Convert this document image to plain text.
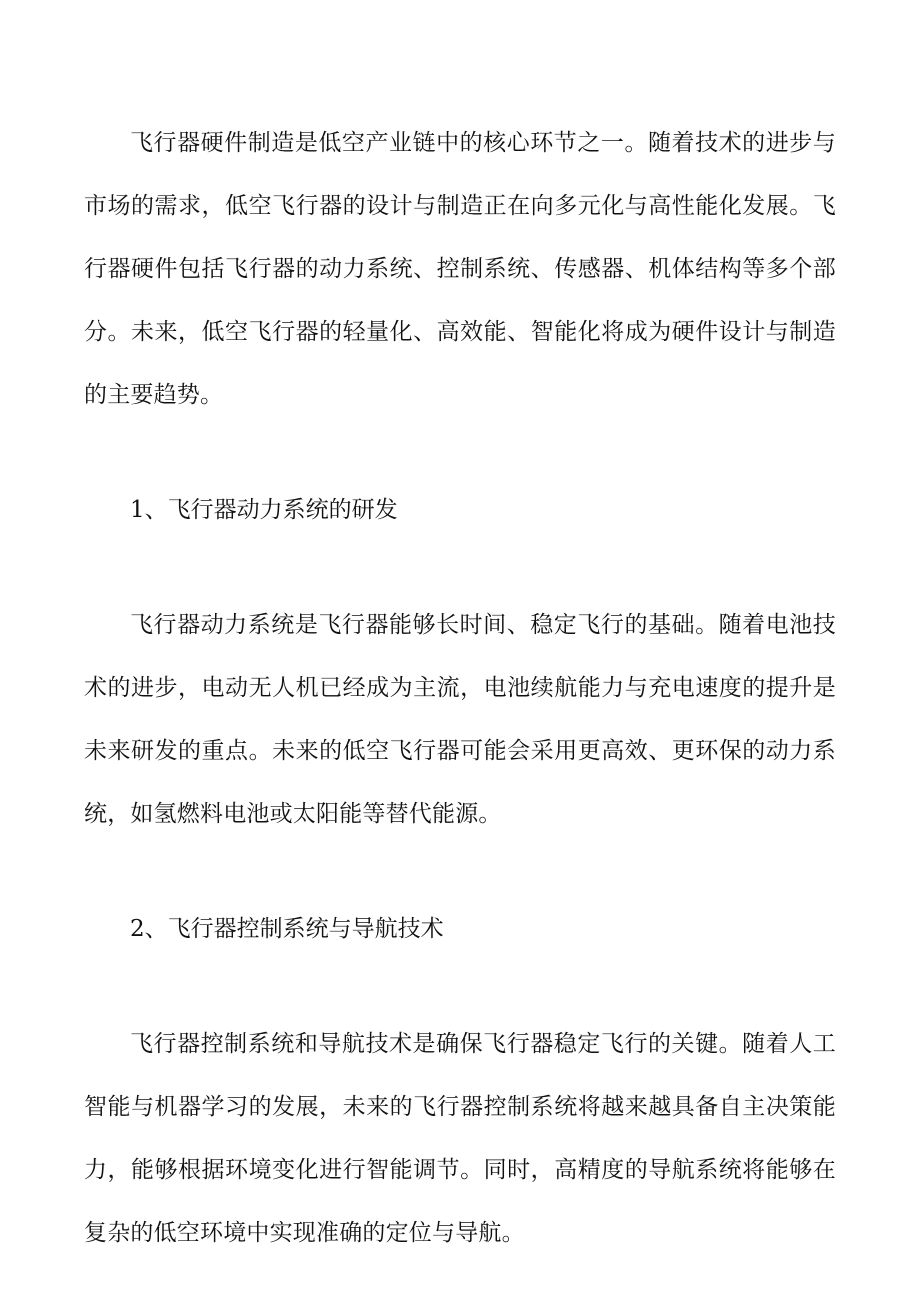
飞行器硬件制造是低空产业链中的核心环节之一。随着技术的进步与市场的需求，低空飞行器的设计与制造正在向多元化与高性能化发展。飞行器硬件包括飞行器的动力系统、控制系统、传感器、机体结构等多个部分。未来，低空飞行器的轻量化、高效能、智能化将成为硬件设计与制造的主要趋势。

1、飞行器动力系统的研发

飞行器动力系统是飞行器能够长时间、稳定飞行的基础。随着电池技术的进步，电动无人机已经成为主流，电池续航能力与充电速度的提升是未来研发的重点。未来的低空飞行器可能会采用更高效、更环保的动力系统，如氢燃料电池或太阳能等替代能源。

2、飞行器控制系统与导航技术

飞行器控制系统和导航技术是确保飞行器稳定飞行的关键。随着人工智能与机器学习的发展，未来的飞行器控制系统将越来越具备自主决策能力，能够根据环境变化进行智能调节。同时，高精度的导航系统将能够在复杂的低空环境中实现准确的定位与导航。
